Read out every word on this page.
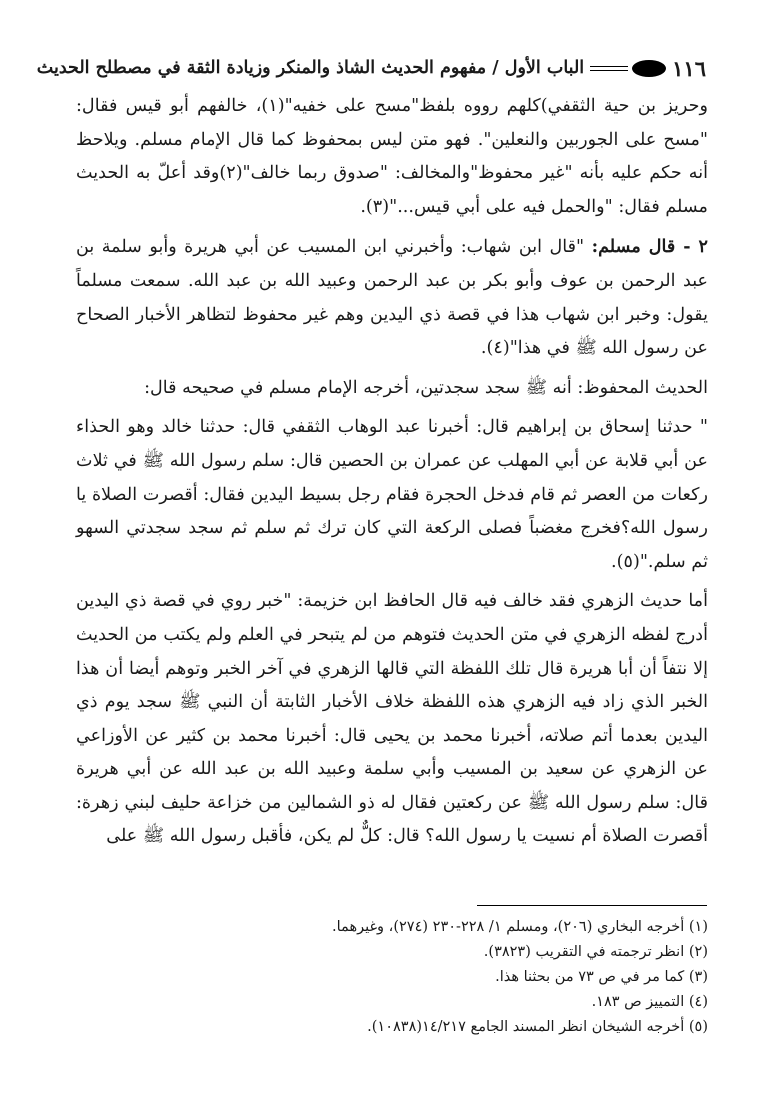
١١٦
الباب الأول / مفهوم الحديث الشاذ والمنكر وزيادة الثقة في مصطلح الحديث

وحريز بن حية الثقفي)كلهم رووه بلفظ"مسح على خفيه"(١)، خالفهم أبو قيس فقال: "مسح على الجوربين والنعلين". فهو متن ليس بمحفوظ كما قال الإمام مسلم. ويلاحظ أنه حكم عليه بأنه "غير محفوظ"والمخالف: "صدوق ربما خالف"(٢)وقد أعلّ به الحديث مسلم فقال: "والحمل فيه على أبي قيس..."(٣).

٢ - قال مسلم: "قال ابن شهاب: وأخبرني ابن المسيب عن أبي هريرة وأبو سلمة بن عبد الرحمن بن عوف وأبو بكر بن عبد الرحمن وعبيد الله بن عبد الله. سمعت مسلماً يقول: وخبر ابن شهاب هذا في قصة ذي اليدين وهم غير محفوظ لتظاهر الأخبار الصحاح عن رسول الله ﷺ في هذا"(٤).

الحديث المحفوظ: أنه ﷺ سجد سجدتين، أخرجه الإمام مسلم في صحيحه قال:

" حدثنا إسحاق بن إبراهيم قال: أخبرنا عبد الوهاب الثقفي قال: حدثنا خالد وهو الحذاء عن أبي قلابة عن أبي المهلب عن عمران بن الحصين قال: سلم رسول الله ﷺ في ثلاث ركعات من العصر ثم قام فدخل الحجرة فقام رجل بسيط اليدين فقال: أقصرت الصلاة يا رسول الله؟فخرج مغضباً فصلى الركعة التي كان ترك ثم سلم ثم سجد سجدتي السهو ثم سلم."(٥).

أما حديث الزهري فقد خالف فيه قال الحافظ ابن خزيمة: "خبر روي في قصة ذي اليدين أدرج لفظه الزهري في متن الحديث فتوهم من لم يتبحر في العلم ولم يكتب من الحديث إلا نتفاً أن أبا هريرة قال تلك اللفظة التي قالها الزهري في آخر الخبر وتوهم أيضا أن هذا الخبر الذي زاد فيه الزهري هذه اللفظة خلاف الأخبار الثابتة أن النبي ﷺ سجد يوم ذي اليدين بعدما أتم صلاته، أخبرنا محمد بن يحيى قال: أخبرنا محمد بن كثير عن الأوزاعي عن الزهري عن سعيد بن المسيب وأبي سلمة وعبيد الله بن عبد الله عن أبي هريرة قال: سلم رسول الله ﷺ عن ركعتين فقال له ذو الشمالين من خزاعة حليف لبني زهرة: أقصرت الصلاة أم نسيت يا رسول الله؟ قال: كلٌّ لم يكن، فأقبل رسول الله ﷺ على

(١) أخرجه البخاري (٢٠٦)، ومسلم ١/ ٢٢٨-٢٣٠ (٢٧٤)، وغيرهما.
(٢) انظر ترجمته في التقريب (٣٨٢٣).
(٣) كما مر في ص ٧٣ من بحثنا هذا.
(٤) التمييز ص ١٨٣.
(٥) أخرجه الشيخان انظر المسند الجامع ١٤/٢١٧(١٠٨٣٨).
